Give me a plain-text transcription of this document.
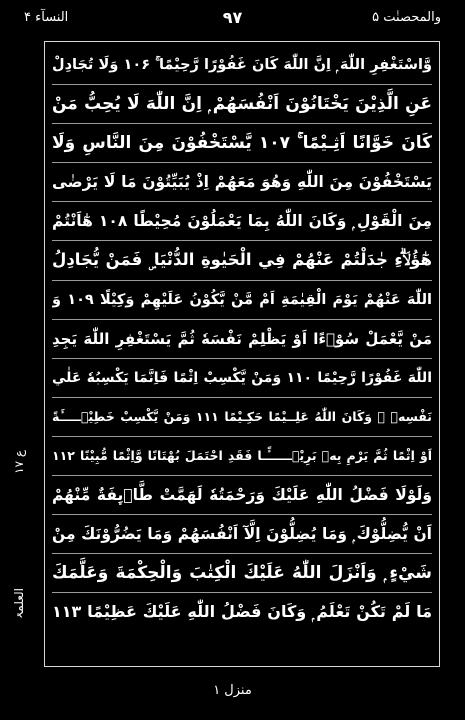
النسآء ۴	۹۷	والمحصنٰت ۵
وَّاسْتَغْفِرِ اللّٰهَ ۭ اِنَّ اللّٰهَ كَانَ غَفُوْرًا رَّحِيْمًا ۚ ۱۰۶ وَلَا تُجَادِلْ
عَنِ الَّذِيْنَ يَخْتَانُوْنَ اَنْفُسَھُمْ ۭ اِنَّ اللّٰهَ لَا يُحِبُّ مَنْ
كَانَ خَوَّانًا اَثِـيْمًا ۚ ۱۰۷ يَّسْتَخْفُوْنَ مِنَ النَّاسِ وَلَا
يَسْتَخْفُوْنَ مِنَ اللّٰهِ وَھُوَ مَعَھُمْ اِذْ يُبَيِّتُوْنَ مَا لَا يَرْضٰى
مِنَ الْقَوْلِ ۭ وَكَانَ اللّٰهُ بِمَا يَعْمَلُوْنَ مُحِيْطًا ۱۰۸ ھٰٓاَنْتُمْ
ھٰٓؤُلَاۗءِ جٰدَلْتُمْ عَنْھُمْ فِي الْحَيٰوةِ الدُّنْيَا ۣ فَمَنْ يُّجَادِلُ
اللّٰهَ عَنْھُمْ يَوْمَ الْقِيٰمَةِ اَمْ مَّنْ يَّكُوْنُ عَلَيْهِمْ وَكِيْلًا ۱۰۹ وَ
مَنْ يَّعْمَلْ سُوْۗءًا اَوْ يَظْلِمْ نَفْسَهٗ ثُمَّ يَسْتَغْفِرِ اللّٰهَ يَجِدِ
اللّٰهَ غَفُوْرًا رَّحِيْمًا ۱۱۰ وَمَنْ يَّكْسِبْ اِثْمًا فَاِنَّمَا يَكْسِبُهٗ عَلٰي
نَفْسِهٖ ۭ وَكَانَ اللّٰهُ عَلِــيْمًا حَكِـيْمًا ۱۱۱ وَمَنْ يَّكْسِبْ خَطِيْۗـــــَٔةً
اَوْ اِثْمًا ثُمَّ يَرْمِ بِهٖ بَرِيْۗــــــًٔـا فَقَدِ احْتَمَلَ بُهْتَانًا وَّاِثْمًا مُّبِيْنًا ۱۱۲
وَلَوْلَا فَضْلُ اللّٰهِ عَلَيْكَ وَرَحْمَتُهٗ لَهَمَّتْ طَّاۗىِٕفَةٌ مِّنْھُمْ
اَنْ يُّضِلُّوْكَ ۭ وَمَا يُضِلُّوْنَ اِلَّآ اَنْفُسَھُمْ وَمَا يَضُرُّوْنَكَ مِنْ
شَيْءٍ ۭ وَاَنْزَلَ اللّٰهُ عَلَيْكَ الْكِتٰبَ وَالْحِكْمَةَ وَعَلَّمَكَ
مَا لَمْ تَكُنْ تَعْلَمُ ۭ وَكَانَ فَضْلُ اللّٰهِ عَلَيْكَ عَظِيْمًا ۱۱۳
ع ۱۷
العلمۃ
منزل ١
